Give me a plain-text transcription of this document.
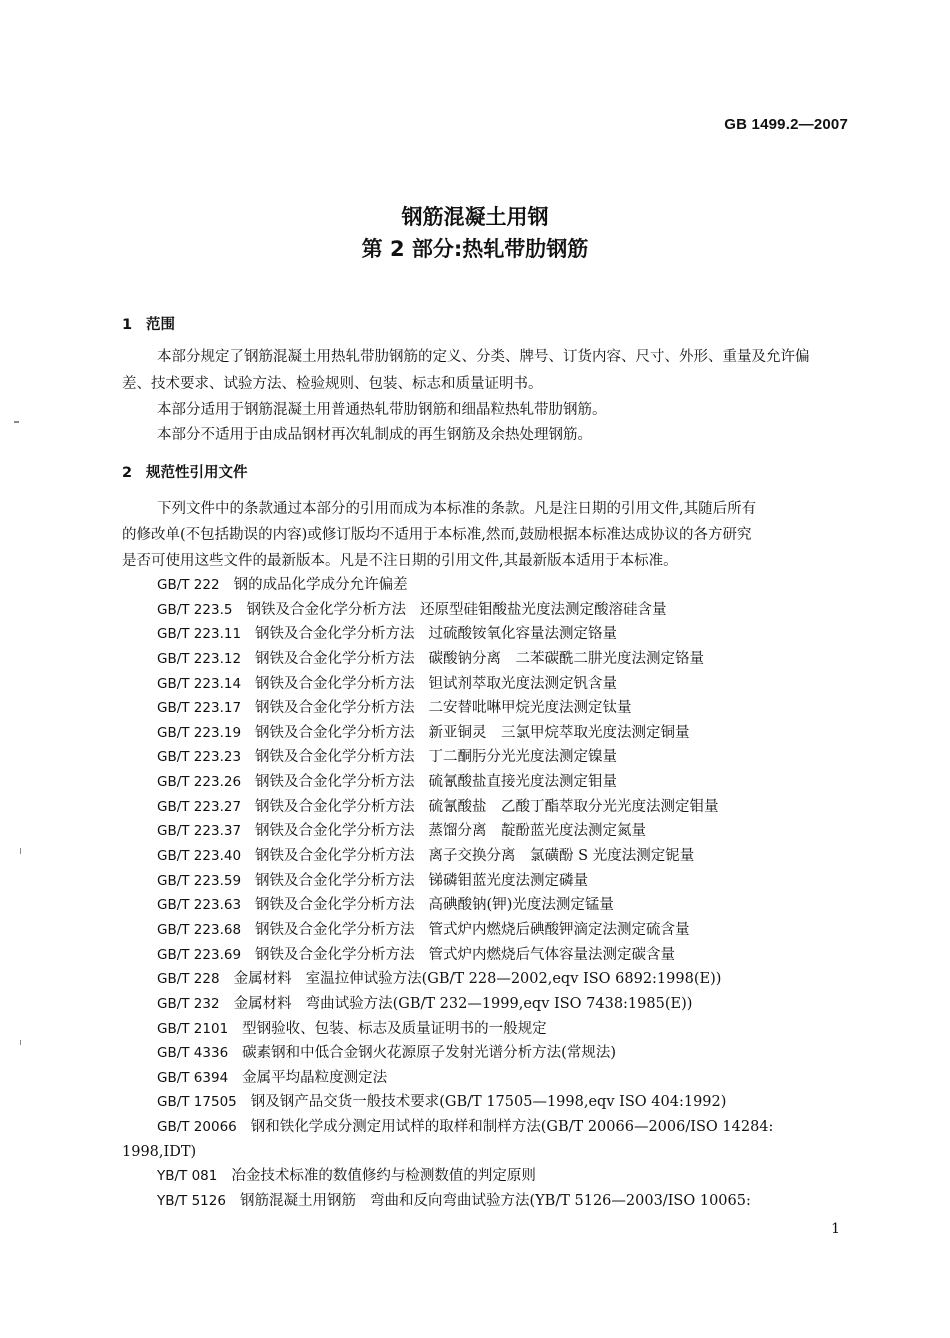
GB 1499.2—2007
钢筋混凝土用钢
第 2 部分:热轧带肋钢筋
1 范围
本部分规定了钢筋混凝土用热轧带肋钢筋的定义、分类、牌号、订货内容、尺寸、外形、重量及允许偏
差、技术要求、试验方法、检验规则、包装、标志和质量证明书。
本部分适用于钢筋混凝土用普通热轧带肋钢筋和细晶粒热轧带肋钢筋。
本部分不适用于由成品钢材再次轧制成的再生钢筋及余热处理钢筋。
2 规范性引用文件
下列文件中的条款通过本部分的引用而成为本标准的条款。凡是注日期的引用文件,其随后所有
的修改单(不包括勘误的内容)或修订版均不适用于本标准,然而,鼓励根据本标准达成协议的各方研究
是否可使用这些文件的最新版本。凡是不注日期的引用文件,其最新版本适用于本标准。
GB/T 222 钢的成品化学成分允许偏差
GB/T 223.5 钢铁及合金化学分析方法 还原型硅钼酸盐光度法测定酸溶硅含量
GB/T 223.11 钢铁及合金化学分析方法 过硫酸铵氧化容量法测定铬量
GB/T 223.12 钢铁及合金化学分析方法 碳酸钠分离　二苯碳酰二肼光度法测定铬量
GB/T 223.14 钢铁及合金化学分析方法 钽试剂萃取光度法测定钒含量
GB/T 223.17 钢铁及合金化学分析方法 二安替吡啉甲烷光度法测定钛量
GB/T 223.19 钢铁及合金化学分析方法 新亚铜灵　三氯甲烷萃取光度法测定铜量
GB/T 223.23 钢铁及合金化学分析方法 丁二酮肟分光光度法测定镍量
GB/T 223.26 钢铁及合金化学分析方法 硫氰酸盐直接光度法测定钼量
GB/T 223.27 钢铁及合金化学分析方法 硫氰酸盐　乙酸丁酯萃取分光光度法测定钼量
GB/T 223.37 钢铁及合金化学分析方法 蒸馏分离　靛酚蓝光度法测定氮量
GB/T 223.40 钢铁及合金化学分析方法 离子交换分离　氯磺酚 S 光度法测定铌量
GB/T 223.59 钢铁及合金化学分析方法 锑磷钼蓝光度法测定磷量
GB/T 223.63 钢铁及合金化学分析方法 高碘酸钠(钾)光度法测定锰量
GB/T 223.68 钢铁及合金化学分析方法 管式炉内燃烧后碘酸钾滴定法测定硫含量
GB/T 223.69 钢铁及合金化学分析方法 管式炉内燃烧后气体容量法测定碳含量
GB/T 228 金属材料 室温拉伸试验方法(GB/T 228—2002,eqv ISO 6892:1998(E))
GB/T 232 金属材料 弯曲试验方法(GB/T 232—1999,eqv ISO 7438:1985(E))
GB/T 2101 型钢验收、包装、标志及质量证明书的一般规定
GB/T 4336 碳素钢和中低合金钢火花源原子发射光谱分析方法(常规法)
GB/T 6394 金属平均晶粒度测定法
GB/T 17505 钢及钢产品交货一般技术要求(GB/T 17505—1998,eqv ISO 404:1992)
GB/T 20066 钢和铁化学成分测定用试样的取样和制样方法(GB/T 20066—2006/ISO 14284:
1998,IDT)
YB/T 081 冶金技术标准的数值修约与检测数值的判定原则
YB/T 5126 钢筋混凝土用钢筋 弯曲和反向弯曲试验方法(YB/T 5126—2003/ISO 10065:
1
